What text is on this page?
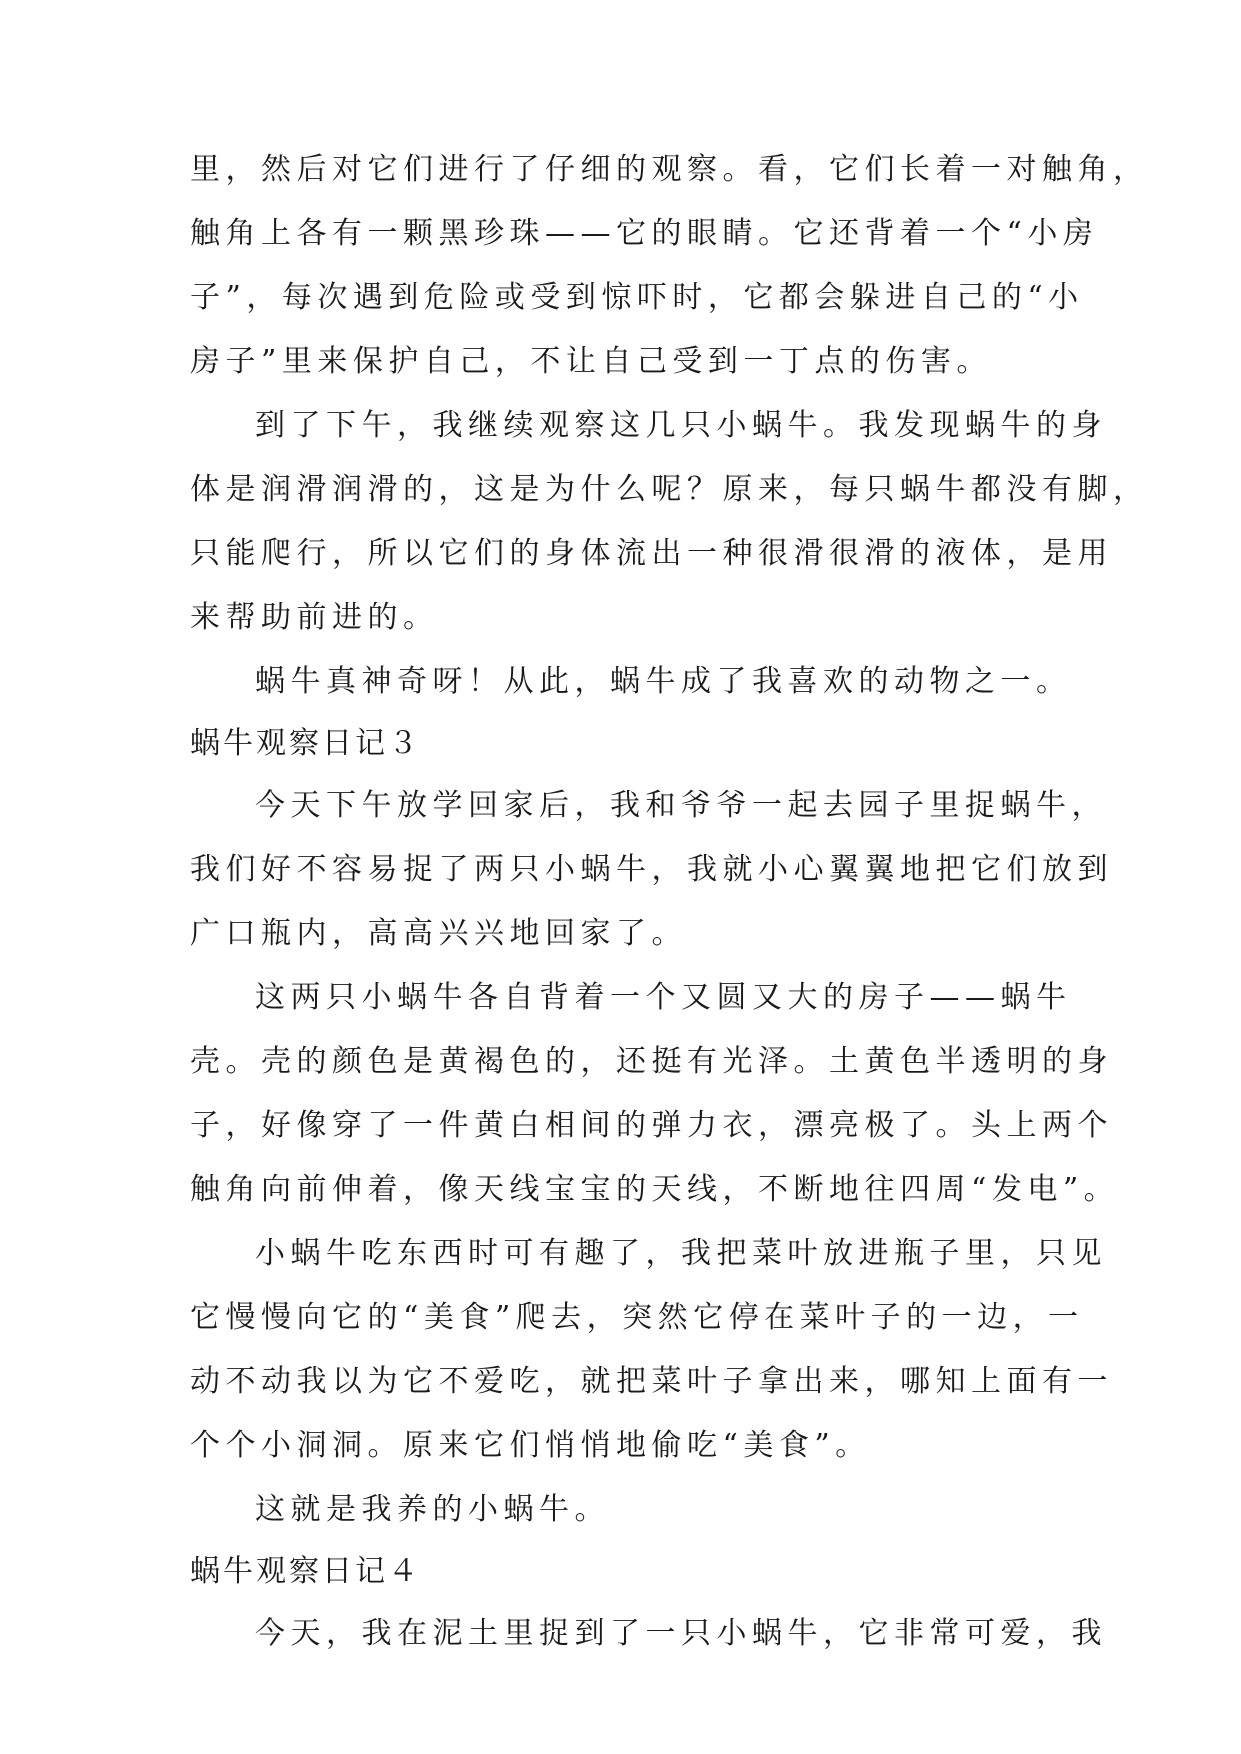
里，然后对它们进行了仔细的观察。看，它们长着一对触角，

触角上各有一颗黑珍珠——它的眼睛。它还背着一个“小房

子”，每次遇到危险或受到惊吓时，它都会躲进自己的“小

房子”里来保护自己，不让自己受到一丁点的伤害。

到了下午，我继续观察这几只小蜗牛。我发现蜗牛的身

体是润滑润滑的，这是为什么呢？原来，每只蜗牛都没有脚，

只能爬行，所以它们的身体流出一种很滑很滑的液体，是用

来帮助前进的。

蜗牛真神奇呀！从此，蜗牛成了我喜欢的动物之一。

蜗牛观察日记３

今天下午放学回家后，我和爷爷一起去园子里捉蜗牛，

我们好不容易捉了两只小蜗牛，我就小心翼翼地把它们放到

广口瓶内，高高兴兴地回家了。

这两只小蜗牛各自背着一个又圆又大的房子——蜗牛

壳。壳的颜色是黄褐色的，还挺有光泽。土黄色半透明的身

子，好像穿了一件黄白相间的弹力衣，漂亮极了。头上两个

触角向前伸着，像天线宝宝的天线，不断地往四周“发电”。

小蜗牛吃东西时可有趣了，我把菜叶放进瓶子里，只见

它慢慢向它的“美食”爬去，突然它停在菜叶子的一边，一

动不动我以为它不爱吃，就把菜叶子拿出来，哪知上面有一

个个小洞洞。原来它们悄悄地偷吃“美食”。

这就是我养的小蜗牛。

蜗牛观察日记４

今天，我在泥土里捉到了一只小蜗牛，它非常可爱，我
